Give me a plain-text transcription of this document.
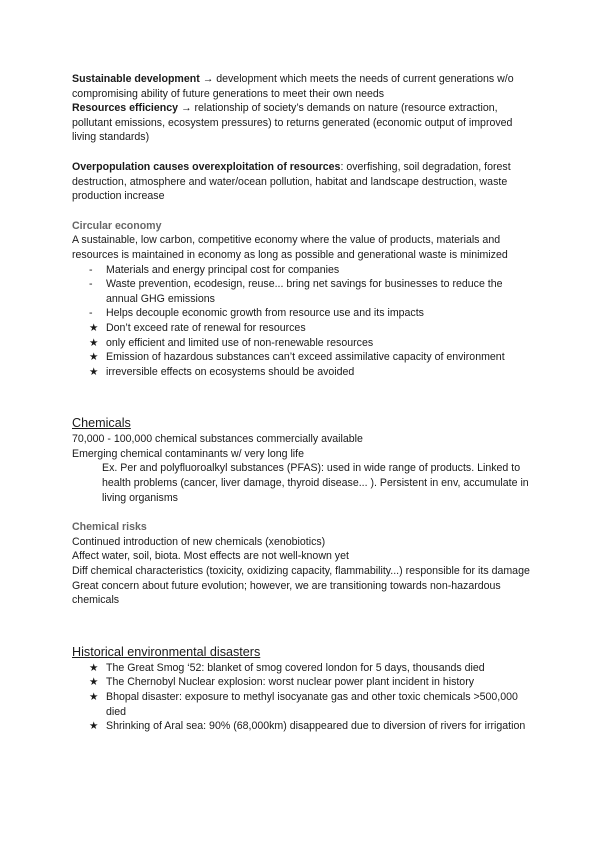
Sustainable development → development which meets the needs of current generations w/o compromising ability of future generations to meet their own needs

Resources efficiency → relationship of society’s demands on nature (resource extraction, pollutant emissions, ecosystem pressures) to returns generated (economic output of improved living standards)

Overpopulation causes overexploitation of resources: overfishing, soil degradation, forest destruction, atmosphere and water/ocean pollution, habitat and landscape destruction, waste production increase

Circular economy

A sustainable, low carbon, competitive economy where the value of products, materials and resources is maintained in economy as long as possible and generational waste is minimized

-	Materials and energy principal cost for companies
-	Waste prevention, ecodesign, reuse... bring net savings for businesses to reduce the annual GHG emissions
-	Helps decouple economic growth from resource use and its impacts
★ Don’t exceed rate of renewal for resources
★ only efficient and limited use of non-renewable resources
★ Emission of hazardous substances can’t exceed assimilative capacity of environment
★ irreversible effects on ecosystems should be avoided

Chemicals

70,000 - 100,000 chemical substances commercially available

Emerging chemical contaminants w/ very long life

Ex. Per and polyfluoroalkyl substances (PFAS): used in wide range of products. Linked to health problems (cancer, liver damage, thyroid disease... ). Persistent in env, accumulate in living organisms

Chemical risks

Continued introduction of new chemicals (xenobiotics)

Affect water, soil, biota. Most effects are not well-known yet

Diff chemical characteristics (toxicity, oxidizing capacity, flammability...) responsible for its damage

Great concern about future evolution; however, we are transitioning towards non-hazardous chemicals

Historical environmental disasters

★ The Great Smog ‘52: blanket of smog covered london for 5 days, thousands died
★ The Chernobyl Nuclear explosion: worst nuclear power plant incident in history
★ Bhopal disaster: exposure to methyl isocyanate gas and other toxic chemicals >500,000 died
★ Shrinking of Aral sea: 90% (68,000km) disappeared due to diversion of rivers for irrigation
